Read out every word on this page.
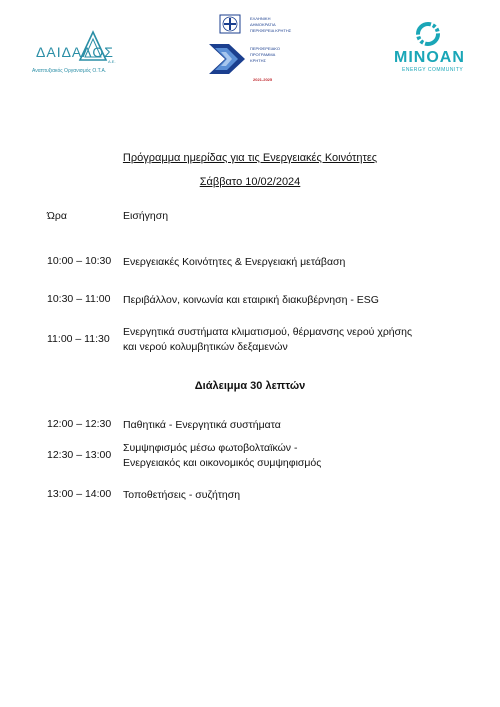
ΔΑΙΔΑΛΟΣ
Α.Ε.
Αναπτυξιακός Οργανισμός Ο.Τ.Α.
ΕΛΛΗΝΙΚΗ
ΔΗΜΟΚΡΑΤΙΑ
ΠΕΡΙΦΕΡΕΙΑ ΚΡΗΤΗΣ
ΠΕΡΙΦΕΡΕΙΑΚΟ
ΠΡΟΓΡΑΜΜΑ
ΚΡΗΤΗΣ
2021-2025
MINOAN
ENERGY COMMUNITY
Πρόγραμμα ημερίδας για τις Ενεργειακές Κοινότητες
Σάββατο 10/02/2024
Ώρα	Εισήγηση
10:00 – 10:30 Ενεργειακές Κοινότητες & Ενεργειακή μετάβαση
10:30 – 11:00 Περιβάλλον, κοινωνία και εταιρική διακυβέρνηση - ESG
11:00 – 11:30
Ενεργητικά συστήματα κλιματισμού, θέρμανσης νερού χρήσης
και νερού κολυμβητικών δεξαμενών
Διάλειμμα 30 λεπτών
12:00 – 12:30 Παθητικά - Ενεργητικά συστήματα
12:30 – 13:00
Συμψηφισμός μέσω φωτοβολταϊκών -
Ενεργειακός και οικονομικός συμψηφισμός
13:00 – 14:00 Τοποθετήσεις - συζήτηση
